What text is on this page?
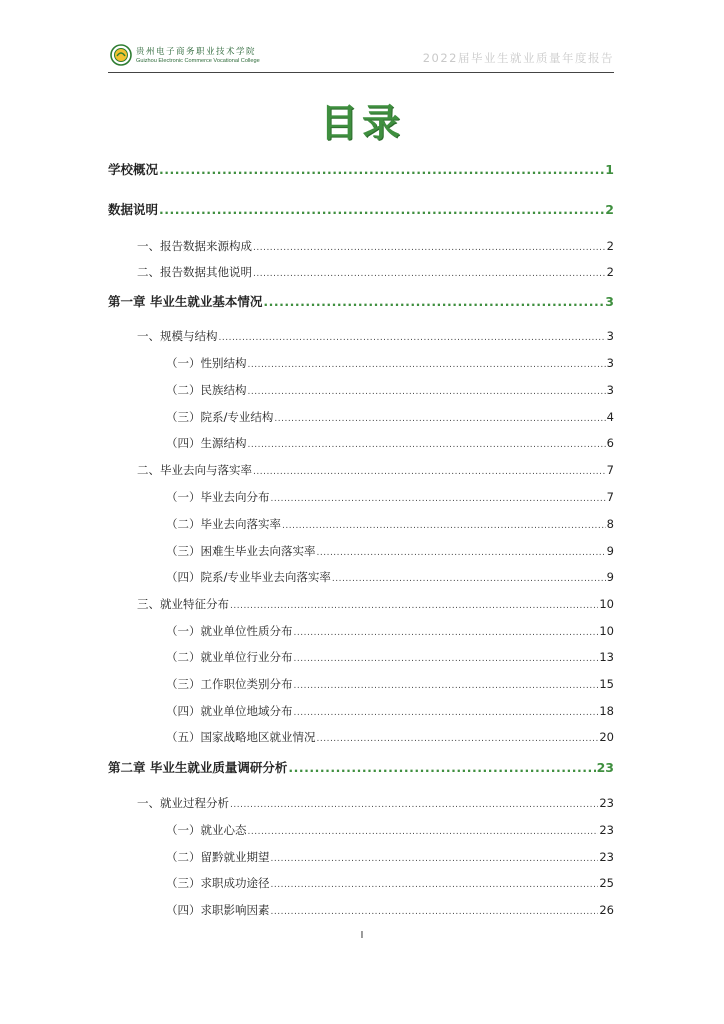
贵州电子商务职业技术学院
Guizhou Electronic Commerce Vocational College	2022届毕业生就业质量年度报告
目录
学校概况 .....	1
数据说明 .....	2
一、报告数据来源构成 .....	2
二、报告数据其他说明 .....	2
第一章 毕业生就业基本情况 .....	3
一、规模与结构 .....	3
（一）性别结构 .....	3
（二）民族结构 .....	3
（三）院系/专业结构 .....	4
（四）生源结构 .....	6
二、毕业去向与落实率 .....	7
（一）毕业去向分布 .....	7
（二）毕业去向落实率 .....	8
（三）困难生毕业去向落实率 .....	9
（四）院系/专业毕业去向落实率 .....	9
三、就业特征分布 .....	10
（一）就业单位性质分布 .....	10
（二）就业单位行业分布 .....	13
（三）工作职位类别分布 .....	15
（四）就业单位地域分布 .....	18
（五）国家战略地区就业情况 .....	20
第二章 毕业生就业质量调研分析 .....	23
一、就业过程分析 .....	23
（一）就业心态 .....	23
（二）留黔就业期望 .....	23
（三）求职成功途径 .....	25
（四）求职影响因素 .....	26
I
